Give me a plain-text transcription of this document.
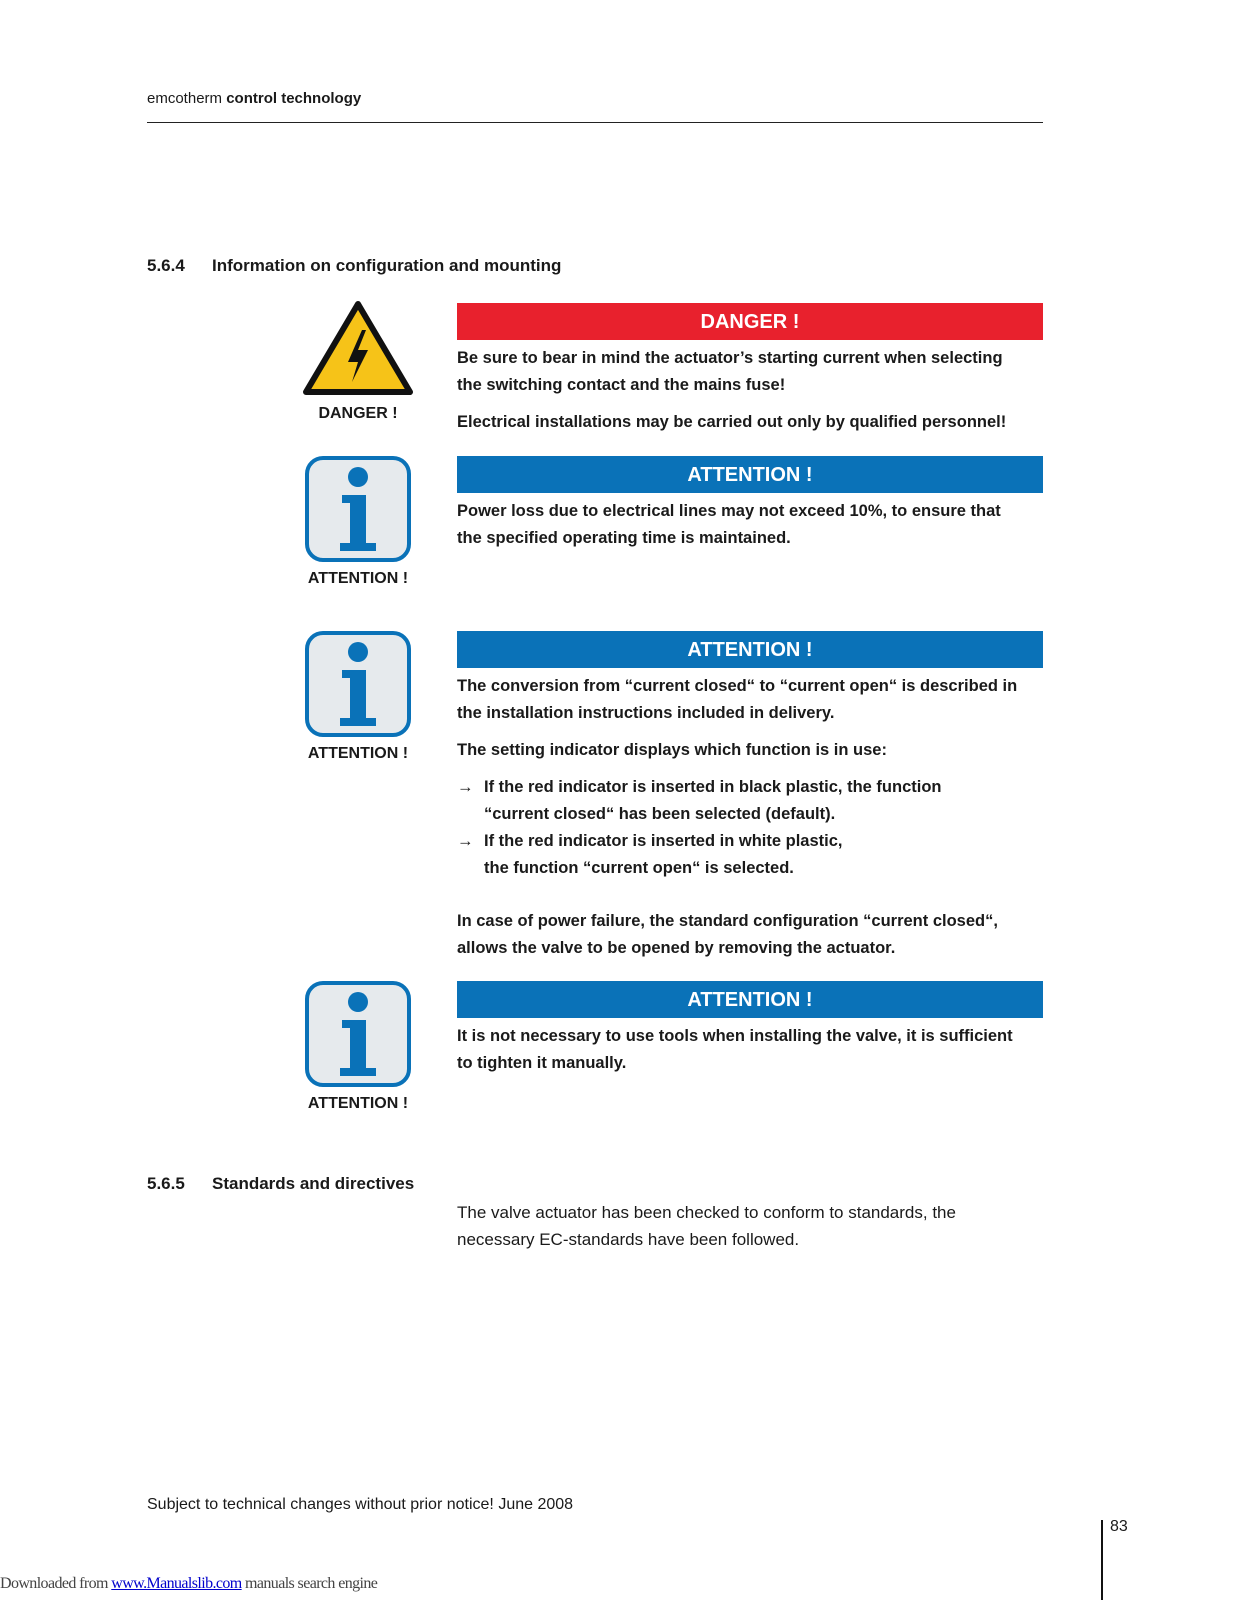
emcotherm control technology
5.6.4 Information on configuration and mounting
DANGER !
DANGER !
Be sure to bear in mind the actuator’s starting current when selecting
the switching contact and the mains fuse!
Electrical installations may be carried out only by qualified personnel!
ATTENTION !
ATTENTION !
Power loss due to electrical lines may not exceed 10%, to ensure that
the specified operating time is maintained.
ATTENTION !
ATTENTION !
The conversion from “current closed“ to “current open“ is described in
the installation instructions included in delivery.
The setting indicator displays which function is in use:
→ If the red indicator is inserted in black plastic, the function
“current closed“ has been selected (default).
→ If the red indicator is inserted in white plastic,
the function “current open“ is selected.
In case of power failure, the standard configuration “current closed“,
allows the valve to be opened by removing the actuator.
ATTENTION !
ATTENTION !
It is not necessary to use tools when installing the valve, it is sufficient
to tighten it manually.
5.6.5 Standards and directives
The valve actuator has been checked to conform to standards, the
necessary EC-standards have been followed.
Subject to technical changes without prior notice! June 2008
83
Downloaded from www.Manualslib.com manuals search engine
